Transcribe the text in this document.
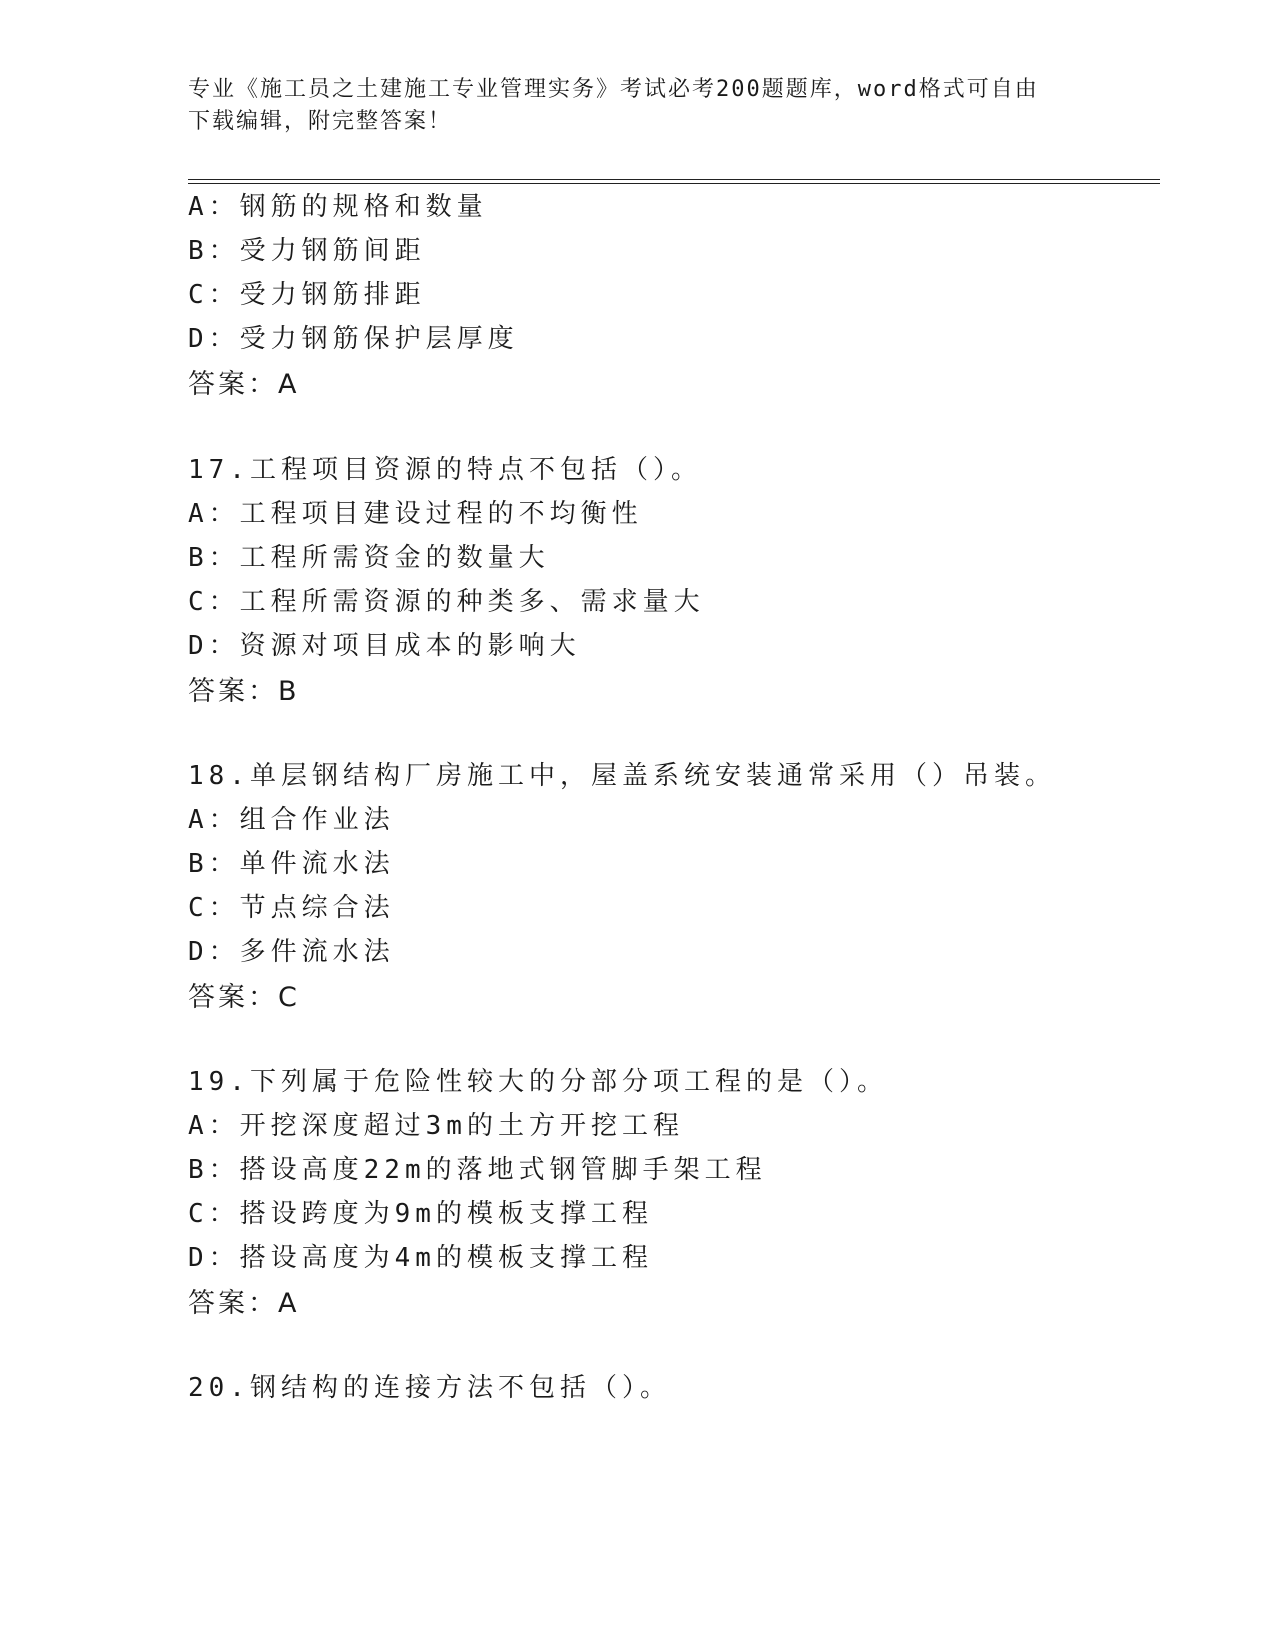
专业《施工员之土建施工专业管理实务》考试必考200题题库，word格式可自由
下载编辑，附完整答案！
A：钢筋的规格和数量
B：受力钢筋间距
C：受力钢筋排距
D：受力钢筋保护层厚度
答案：A
17.工程项目资源的特点不包括（）。
A：工程项目建设过程的不均衡性
B：工程所需资金的数量大
C：工程所需资源的种类多、需求量大
D：资源对项目成本的影响大
答案：B
18.单层钢结构厂房施工中，屋盖系统安装通常采用（）吊装。
A：组合作业法
B：单件流水法
C：节点综合法
D：多件流水法
答案：C
19.下列属于危险性较大的分部分项工程的是（）。
A：开挖深度超过3m的土方开挖工程
B：搭设高度22m的落地式钢管脚手架工程
C：搭设跨度为9m的模板支撑工程
D：搭设高度为4m的模板支撑工程
答案：A
20.钢结构的连接方法不包括（）。
